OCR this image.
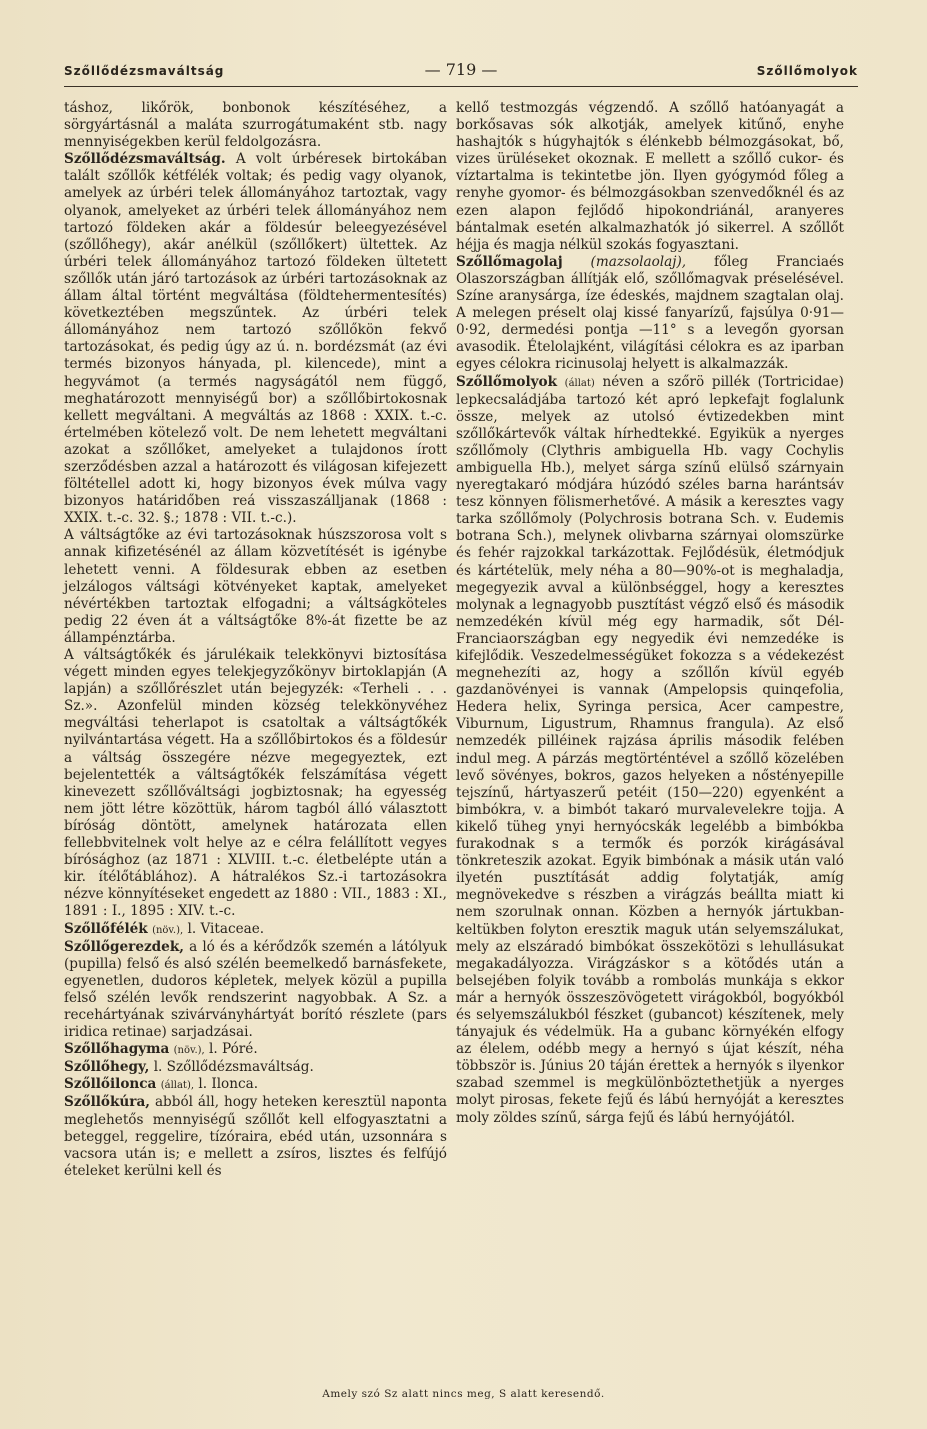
Szőllődézsmaváltság	— 719 —	Szőllőmolyok

táshoz, likőrök, bonbonok készítéséhez, a sörgyártásnál a maláta szurrogátumaként stb. nagy mennyiségekben kerül feldolgozásra.

Szőllődézsmaváltság. A volt úrbéresek birtokában talált szőllők kétfélék voltak; és pedig vagy olyanok, amelyek az úrbéri telek állományához tartoztak, vagy olyanok, amelyeket az úrbéri telek állományához nem tartozó földeken akár a földesúr beleegyezésével (szőllőhegy), akár anélkül (szőllőkert) ültettek. Az úrbéri telek állományához tartozó földeken ültetett szőllők után járó tartozások az úrbéri tartozásoknak az állam által történt megváltása (földtehermentesítés) következtében megszűntek. Az úrbéri telek állományához nem tartozó szőllőkön fekvő tartozásokat, és pedig úgy az ú. n. bordézsmát (az évi termés bizonyos hányada, pl. kilencede), mint a hegyvámot (a termés nagyságától nem függő, meghatározott mennyiségű bor) a szőllőbirtokosnak kellett megváltani. A megváltás az 1868 : XXIX. t.-c. értelmében kötelező volt. De nem lehetett megváltani azokat a szőllőket, amelyeket a tulajdonos írott szerződésben azzal a határozott és világosan kifejezett föltétellel adott ki, hogy bizonyos évek múlva vagy bizonyos határidőben reá visszaszálljanak (1868 : XXIX. t.-c. 32. §.; 1878 : VII. t.-c.).

A váltságtőke az évi tartozásoknak húszszorosa volt s annak kifizetésénél az állam közvetítését is igénybe lehetett venni. A földesurak ebben az esetben jelzálogos váltsági kötvényeket kaptak, amelyeket névértékben tartoztak elfogadni; a váltságköteles pedig 22 éven át a váltságtőke 8%-át fizette be az állampénztárba.

A váltságtőkék és járulékaik telekkönyvi biztosítása végett minden egyes telekjegyzőkönyv birtoklapján (A lapján) a szőllőrészlet után bejegyzék: «Terheli . . . Sz.». Azonfelül minden község telekkönyvéhez megváltási teherlapot is csatoltak a váltságtőkék nyilvántartása végett. Ha a szőllőbirtokos és a földesúr a váltság összegére nézve megegyeztek, ezt bejelentették a váltságtőkék felszámítása végett kinevezett szőllőváltsági jogbiztosnak; ha egyesség nem jött létre közöttük, három tagból álló választott bíróság döntött, amelynek határozata ellen fellebbvitelnek volt helye az e célra felállított vegyes bírósághoz (az 1871 : XLVIII. t.-c. életbelépte után a kir. ítélőtáblához). A hátralékos Sz.-i tartozásokra nézve könnyítéseket engedett az 1880 : VII., 1883 : XI., 1891 : I., 1895 : XIV. t.-c.

Szőllőfélék (növ.), l. Vitaceae.

Szőllőgerezdek, a ló és a kérődzők szemén a látólyuk (pupilla) felső és alsó szélén beemelkedő barnásfekete, egyenetlen, dudoros képletek, melyek közül a pupilla felső szélén levők rendszerint nagyobbak. A Sz. a recehártyának szivárványhártyát borító részlete (pars iridica retinae) sarjadzásai.

Szőllőhagyma (növ.), l. Póré.

Szőllőhegy, l. Szőllődézsmaváltság.

Szőllőilonca (állat), l. Ilonca.

Szőllőkúra, abból áll, hogy heteken keresztül naponta meglehetős mennyiségű szőllőt kell elfogyasztatni a beteggel, reggelire, tízóraira, ebéd után, uzsonnára s vacsora után is; e mellett a zsíros, lisztes és felfújó ételeket kerülni kell és

kellő testmozgás végzendő. A szőllő hatóanyagát a borkősavas sók alkotják, amelyek kitűnő, enyhe hashajtók s húgyhajtók s élénkebb bélmozgásokat, bő, vizes ürüléseket okoznak. E mellett a szőllő cukor- és víztartalma is tekintetbe jön. Ilyen gyógymód főleg a renyhe gyomor- és bélmozgásokban szenvedőknél és az ezen alapon fejlődő hipokondriánál, aranyeres bántalmak esetén alkalmazhatók jó sikerrel. A szőllőt héjja és magja nélkül szokás fogyasztani.

Szőllőmagolaj (mazsolaolaj), főleg Franciaés Olaszországban állítják elő, szőllőmagvak préselésével. Színe aranysárga, íze édeskés, majdnem szagtalan olaj. A melegen préselt olaj kissé fanyarízű, fajsúlya 0·91—0·92, dermedési pontja —11° s a levegőn gyorsan avasodik. Ételolajként, világítási célokra es az iparban egyes célokra ricinusolaj helyett is alkalmazzák.

Szőllőmolyok (állat) néven a szőrö pillék (Tortricidae) lepkecsaládjába tartozó két apró lepkefajt foglalunk össze, melyek az utolsó évtizedekben mint szőllőkártevők váltak hírhedtekké. Egyikük a nyerges szőllőmoly (Clythris ambiguella Hb. vagy Cochylis ambiguella Hb.), melyet sárga színű elülső szárnyain nyeregtakaró módjára húzódó széles barna harántsáv tesz könnyen fölismerhetővé. A másik a keresztes vagy tarka szőllőmoly (Polychrosis botrana Sch. v. Eudemis botrana Sch.), melynek olivbarna szárnyai olomszürke és fehér rajzokkal tarkázottak. Fejlődésük, életmódjuk és kártételük, mely néha a 80—90%-ot is meghaladja, megegyezik avval a különbséggel, hogy a keresztes molynak a legnagyobb pusztítást végző első és második nemzedékén kívül még egy harmadik, sőt Dél-Franciaországban egy negyedik évi nemzedéke is kifejlődik. Veszedelmességüket fokozza s a védekezést megnehezíti az, hogy a szőllőn kívül egyéb gazdanövényei is vannak (Ampelopsis quinqefolia, Hedera helix, Syringa persica, Acer campestre, Viburnum, Ligustrum, Rhamnus frangula). Az első nemzedék pilléinek rajzása április második felében indul meg. A párzás megtörténtével a szőllő közelében levő sövényes, bokros, gazos helyeken a nőstényepille tejszínű, hártyaszerű petéit (150—220) egyenként a bimbókra, v. a bimbót takaró murvalevelekre tojja. A kikelő tüheg ynyi hernyócskák legelébb a bimbókba furakodnak s a termők és porzók kirágásával tönkreteszik azokat. Egyik bimbónak a másik után való ilyetén pusztítását addig folytatják, amíg megnövekedve s részben a virágzás beállta miatt ki nem szorulnak onnan. Közben a hernyók jártukban-keltükben folyton eresztik maguk után selyemszálukat, mely az elszáradó bimbókat összekötözi s lehullásukat megakadályozza. Virágzáskor s a kötődés után a belsejében folyik tovább a rombolás munkája s ekkor már a hernyók összeszövögetett virágokból, bogyókból és selyemszálukból fészket (gubancot) készítenek, mely tányajuk és védelmük. Ha a gubanc környékén elfogy az élelem, odébb megy a hernyó s újat készít, néha többször is. Június 20 táján érettek a hernyók s ilyenkor szabad szemmel is megkülönböztethetjük a nyerges molyt pirosas, fekete fejű és lábú hernyóját a keresztes moly zöldes színű, sárga fejű és lábú hernyójától.

Amely szó Sz alatt nincs meg, S alatt keresendő.
